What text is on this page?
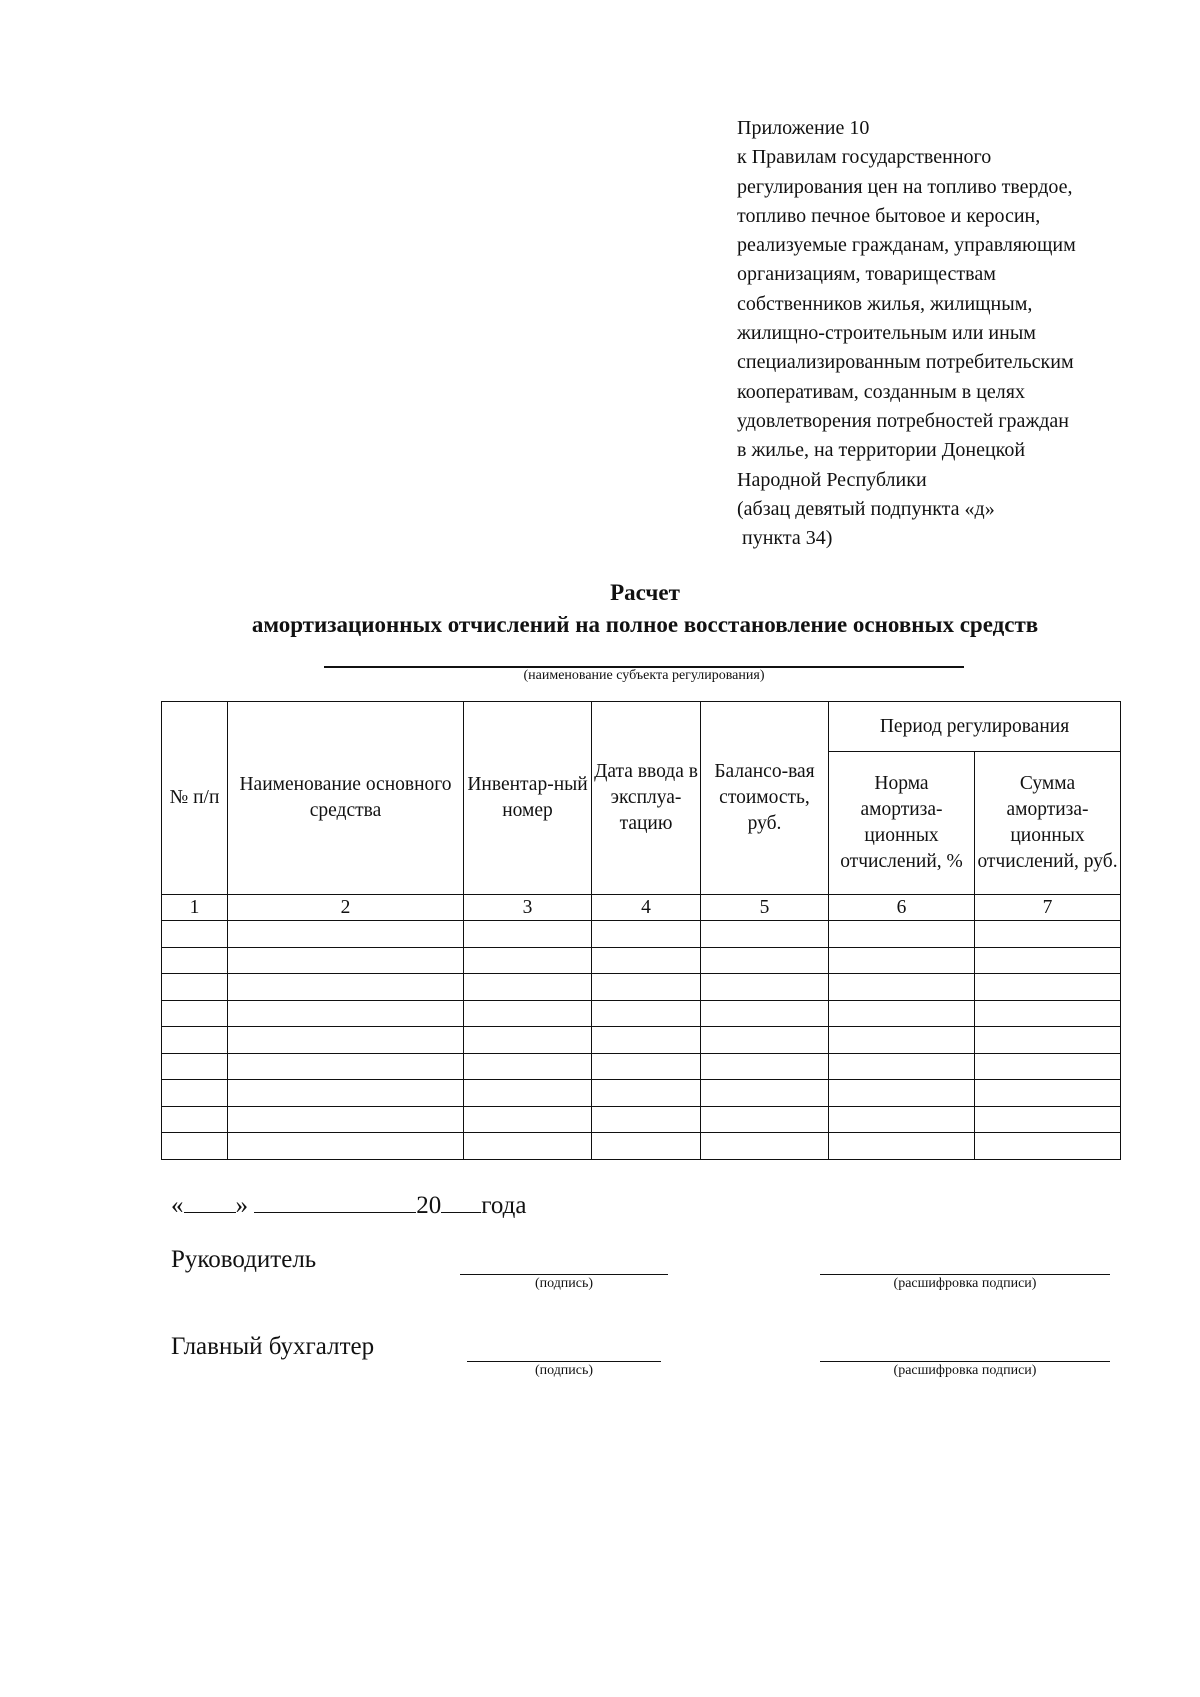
Приложение 10
к Правилам государственного
регулирования цен на топливо твердое,
топливо печное бытовое и керосин,
реализуемые гражданам, управляющим
организациям, товариществам
собственников жилья, жилищным,
жилищно-строительным или иным
специализированным потребительским
кооперативам, созданным в целях
удовлетворения потребностей граждан
в жилье, на территории Донецкой
Народной Республики
(абзац девятый подпункта «д»
пункта 34)
Расчет
амортизационных отчислений на полное восстановление основных средств
(наименование субъекта регулирования)
№ п/п	Наименование основного средства	Инвентар-ный номер	Дата ввода в эксплуа-тацию	Балансо-вая стоимость, руб.	Период регулирования	
					Норма амортиза-ционных отчислений, %	Сумма амортиза-ционных отчислений, руб.
1	2	3	4	5	6	7

« »	20 года
Руководитель
(подпись)	(расшифровка подписи)
Главный бухгалтер
(подпись)	(расшифровка подписи)
